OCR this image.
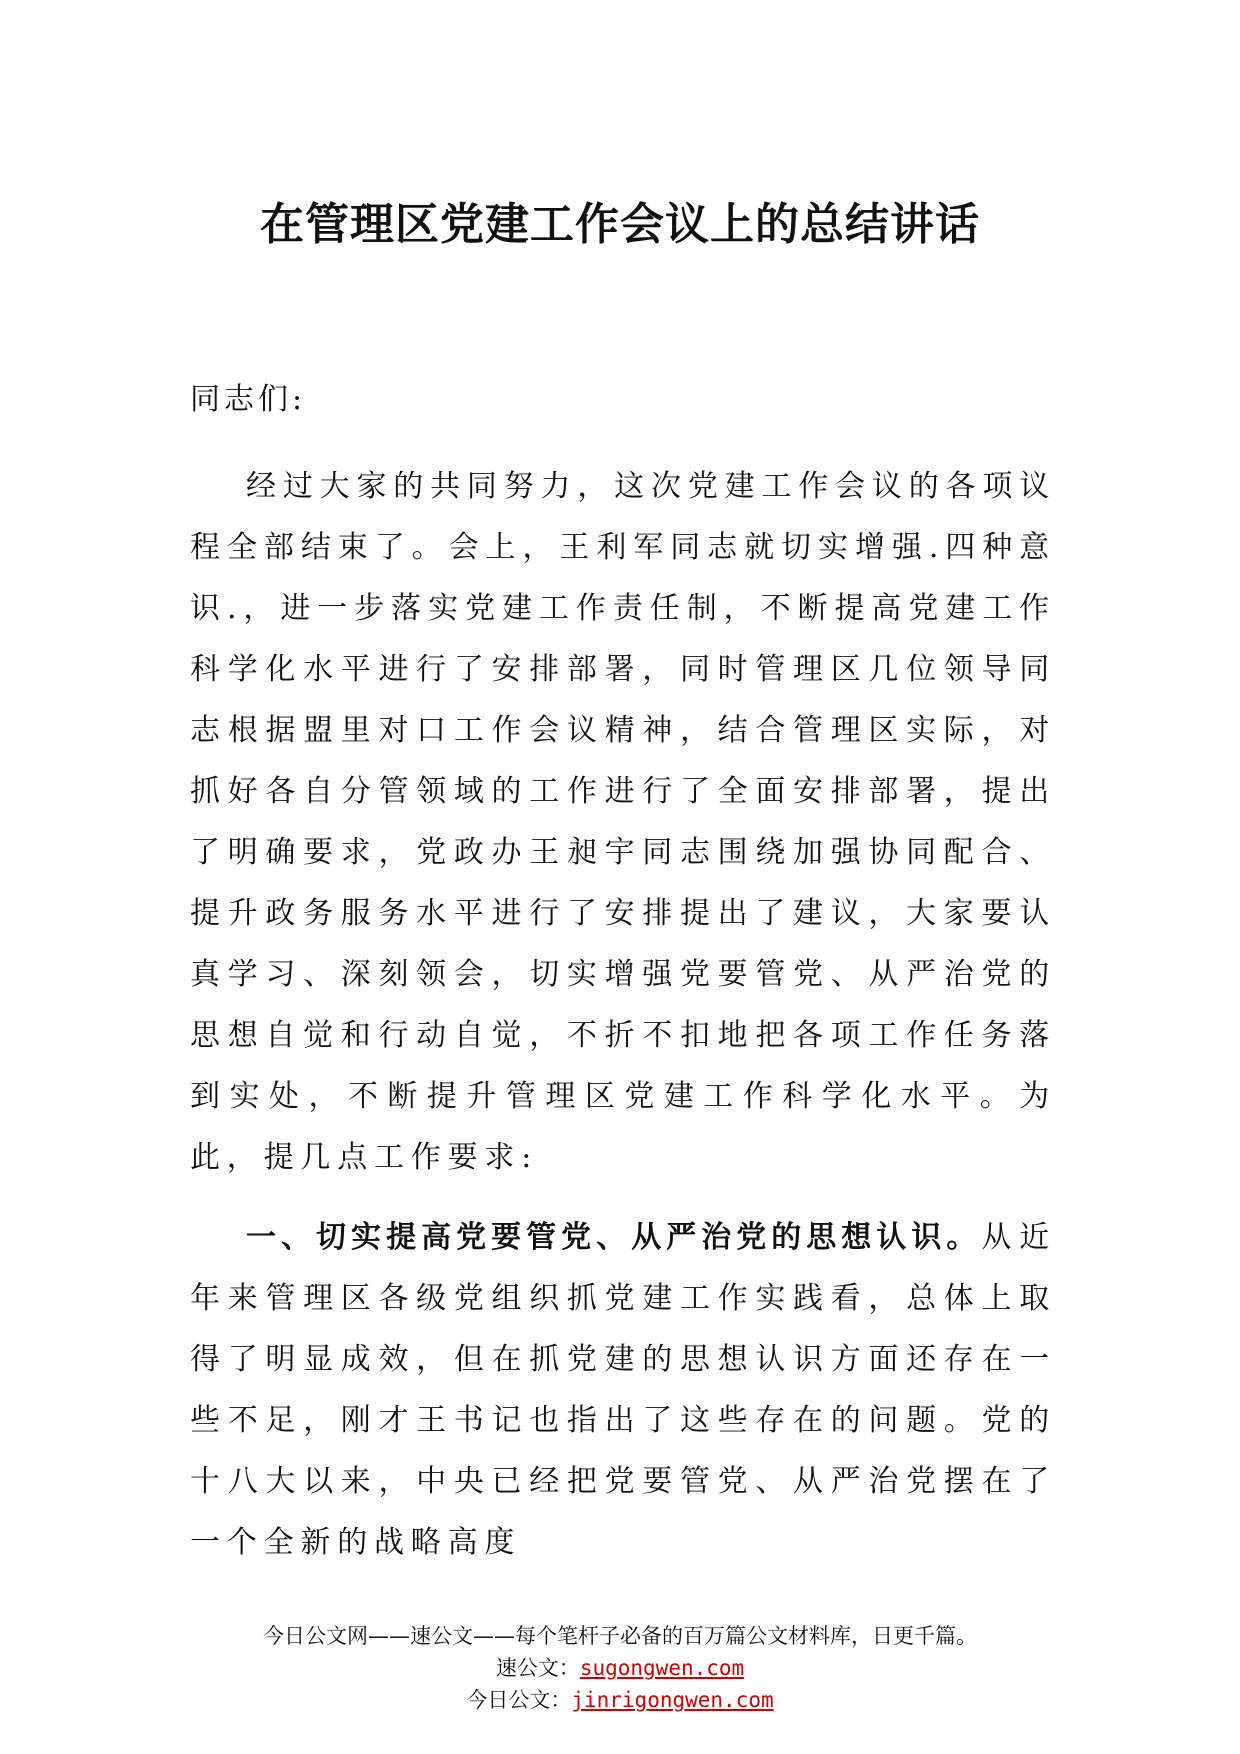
在管理区党建工作会议上的总结讲话
同志们:
经过大家的共同努力，这次党建工作会议的各项议程全部结束了。会上，王利军同志就切实增强.四种意识.，进一步落实党建工作责任制，不断提高党建工作科学化水平进行了安排部署，同时管理区几位领导同志根据盟里对口工作会议精神，结合管理区实际，对抓好各自分管领域的工作进行了全面安排部署，提出了明确要求，党政办王昶宇同志围绕加强协同配合、提升政务服务水平进行了安排提出了建议，大家要认真学习、深刻领会，切实增强党要管党、从严治党的思想自觉和行动自觉，不折不扣地把各项工作任务落到实处，不断提升管理区党建工作科学化水平。为此，提几点工作要求:
一、切实提高党要管党、从严治党的思想认识。从近年来管理区各级党组织抓党建工作实践看，总体上取得了明显成效，但在抓党建的思想认识方面还存在一些不足，刚才王书记也指出了这些存在的问题。党的十八大以来，中央已经把党要管党、从严治党摆在了一个全新的战略高度
今日公文网——速公文——每个笔杆子必备的百万篇公文材料库，日更千篇。
速公文：sugongwen.com
今日公文：jinrigongwen.com
